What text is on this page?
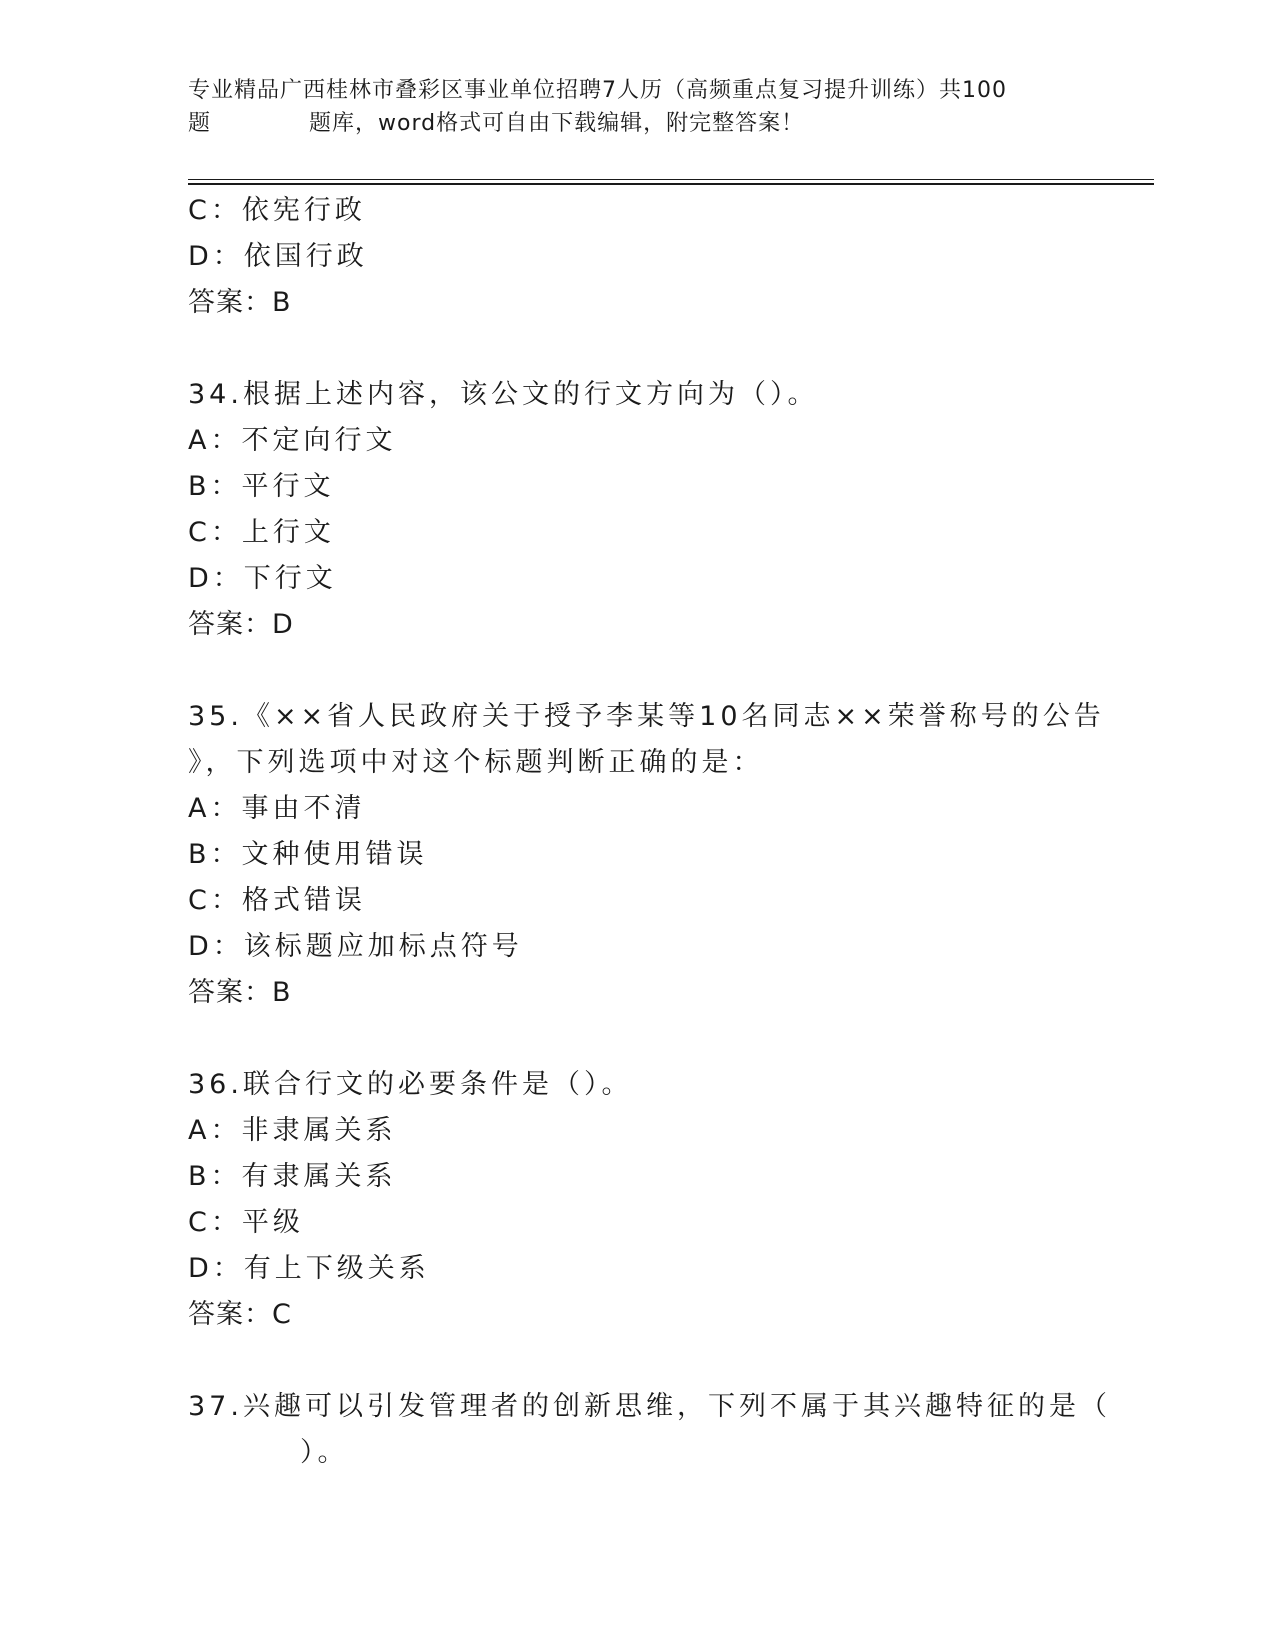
专业精品广西桂林市叠彩区事业单位招聘7人历（高频重点复习提升训练）共100
题	题库，word格式可自由下载编辑，附完整答案！
C：依宪行政
D：依国行政
答案：B
34.根据上述内容，该公文的行文方向为（）。
A：不定向行文
B：平行文
C：上行文
D：下行文
答案：D
35.《××省人民政府关于授予李某等10名同志××荣誉称号的公告
》，下列选项中对这个标题判断正确的是：
A：事由不清
B：文种使用错误
C：格式错误
D：该标题应加标点符号
答案：B
36.联合行文的必要条件是（）。
A：非隶属关系
B：有隶属关系
C：平级
D：有上下级关系
答案：C
37.兴趣可以引发管理者的创新思维，下列不属于其兴趣特征的是（
）。
